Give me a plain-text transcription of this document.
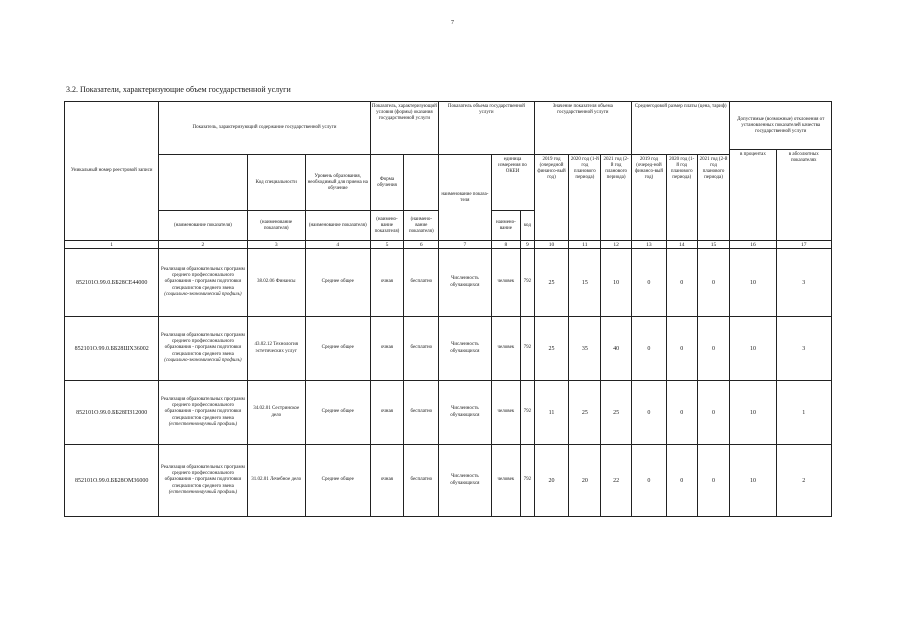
7
3.2. Показатели, характеризующие объем государственной услуги
Уникальный номер реестровой записи	Показатель, характеризующий содержание государственной услуги			Показатель, характеризующий условия (формы) оказания государственной услуги		Показатель объема государственной услуги			Значение показателя объема государственной услуги			Среднегодовой размер платы (цена, тариф)			Допустимые (возможные) отклонения от установленных показателей качества государственной услуги	
															в процентах	в абсолютных показателях
		Код специальности	Уровень образования, необходимый для приема на обучение	Форма обучения		наименование показа-теля	единица измерения по ОКЕИ		2019 год (очередной финансо-вый год)	2020 год (1-й год планового периода)	2021 год (2-й год планового периода)	2019 год (очеред-ной финансо-вый год)	2020 год (1-й год планового периода)	2021 год (2-й год планового периода)		
	(наименование показателя)	(наименование показателя)	(наименование показателя)	(наимено-вание показателя)	(наимено-вание показателя)		наимено-вание	код								
1	2	3	4	5	6	7	8	9	10	11	12	13	14	15	16	17
852101О.99.0.ББ28СЕ44000	Реализация образовательных программ среднего профессионального образования - программ подготовки специалистов среднего звена (социально-экономический профиль)	38.02.06 Финансы	Среднее общее	очная	бесплатно	Численность обучающихся	человек	792	25	15	10	0	0	0	10	3
852101О.99.0.ББ28ШХ36002	Реализация образовательных программ среднего профессионального образования - программ подготовки специалистов среднего звена (социально-экономический профиль)	43.02.12 Технология эстетических услуг	Среднее общее	очная	бесплатно	Численность обучающихся	человек	792	25	35	40	0	0	0	10	3
852101О.99.0.ББ28ПЗ12000	Реализация образовательных программ среднего профессионального образования - программ подготовки специалистов среднего звена (естественнонаучный профиль)	34.02.01 Сестринское дело	Среднее общее	очная	бесплатно	Численность обучающихся	человек	792	11	25	25	0	0	0	10	1
852101О.99.0.ББ28ОМ36000	Реализация образовательных программ среднего профессионального образования - программ подготовки специалистов среднего звена (естественнонаучный профиль)	31.02.01 Лечебное дело	Среднее общее	очная	бесплатно	Численность обучающихся	человек	792	20	20	22	0	0	0	10	2
